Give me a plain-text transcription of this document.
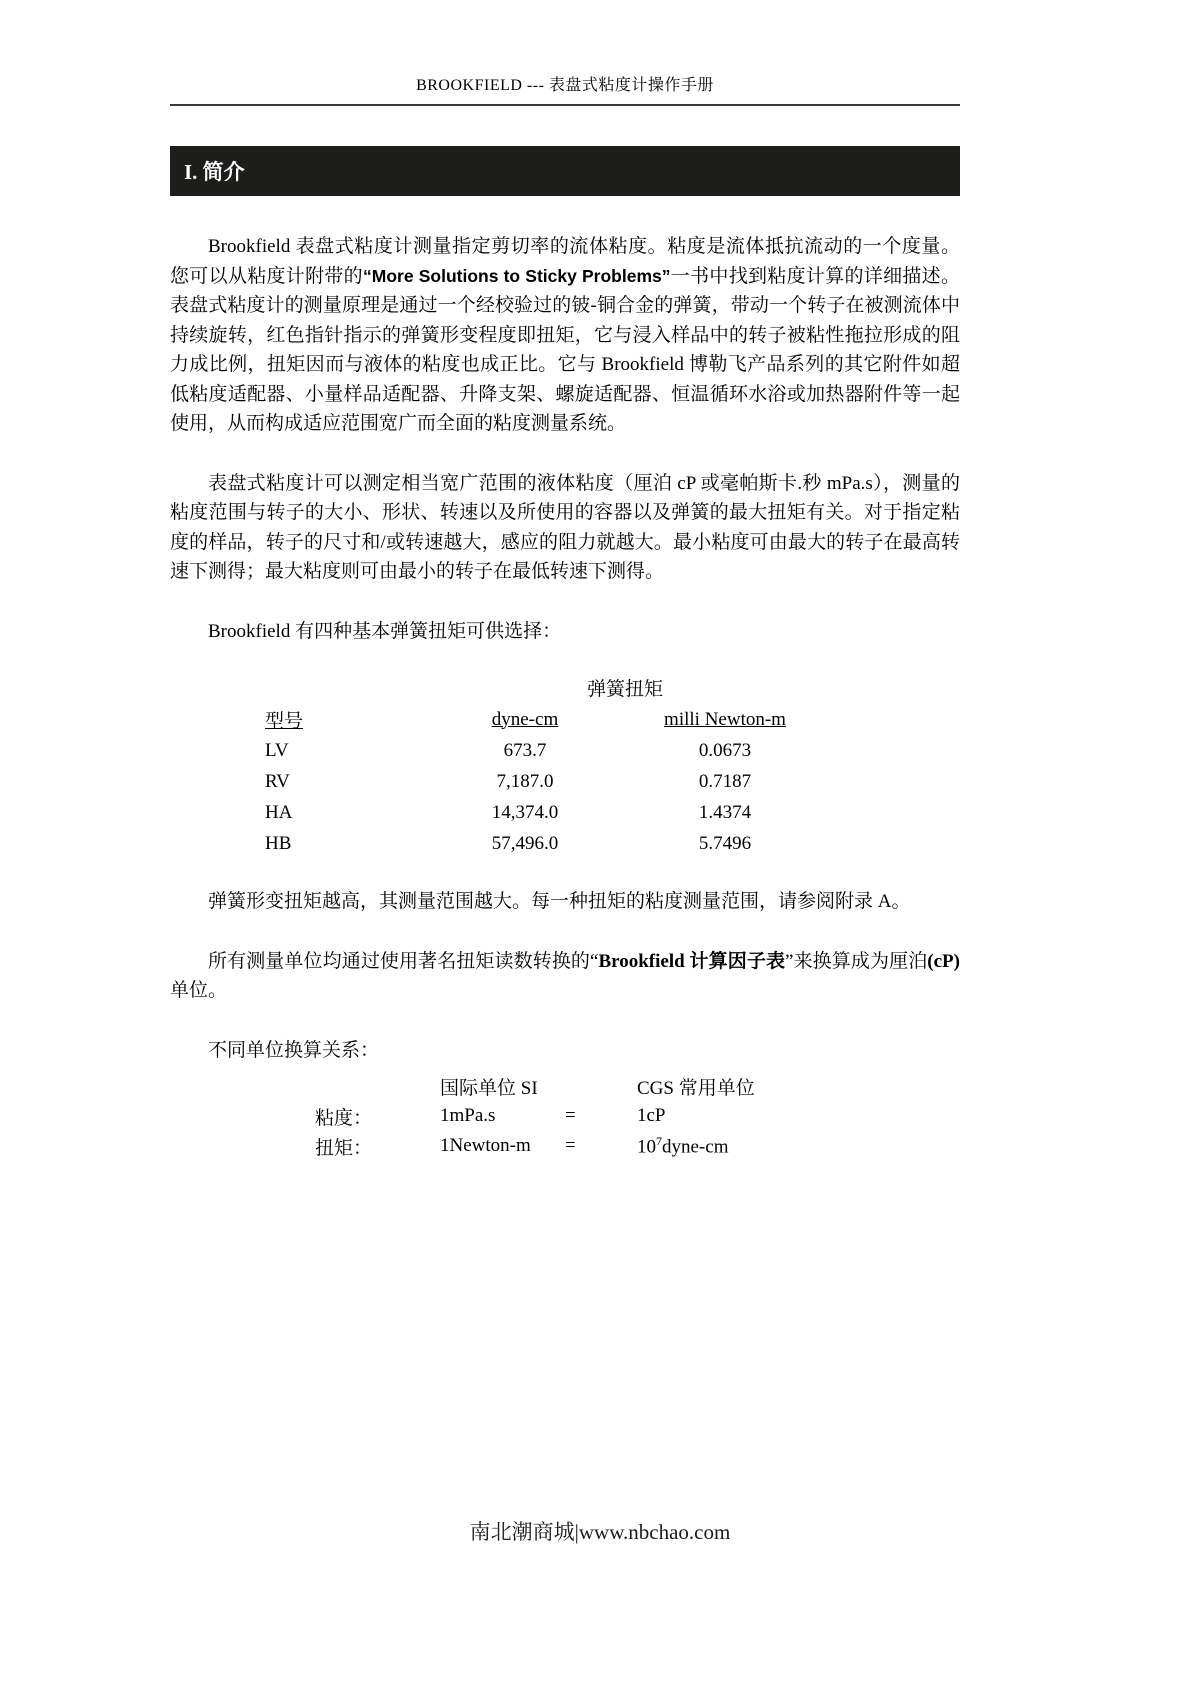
BROOKFIELD --- 表盘式粘度计操作手册
I. 简介

Brookfield 表盘式粘度计测量指定剪切率的流体粘度。粘度是流体抵抗流动的一个度量。您可以从粘度计附带的“More Solutions to Sticky Problems”一书中找到粘度计算的详细描述。表盘式粘度计的测量原理是通过一个经校验过的铍-铜合金的弹簧，带动一个转子在被测流体中持续旋转，红色指针指示的弹簧形变程度即扭矩，它与浸入样品中的转子被粘性拖拉形成的阻力成比例，扭矩因而与液体的粘度也成正比。它与 Brookfield 博勒飞产品系列的其它附件如超低粘度适配器、小量样品适配器、升降支架、螺旋适配器、恒温循环水浴或加热器附件等一起使用，从而构成适应范围宽广而全面的粘度测量系统。

表盘式粘度计可以测定相当宽广范围的液体粘度（厘泊 cP 或毫帕斯卡.秒 mPa.s），测量的粘度范围与转子的大小、形状、转速以及所使用的容器以及弹簧的最大扭矩有关。对于指定粘度的样品，转子的尺寸和/或转速越大，感应的阻力就越大。最小粘度可由最大的转子在最高转速下测得；最大粘度则可由最小的转子在最低转速下测得。

Brookfield 有四种基本弹簧扭矩可供选择：

	弹簧扭矩	
型号	dyne-cm	milli Newton-m
LV	673.7	0.0673
RV	7,187.0	0.7187
HA	14,374.0	1.4374
HB	57,496.0	5.7496

弹簧形变扭矩越高，其测量范围越大。每一种扭矩的粘度测量范围，请参阅附录 A。

所有测量单位均通过使用著名扭矩读数转换的“Brookfield 计算因子表”来换算成为厘泊(cP)单位。

不同单位换算关系：

	国际单位 SI		CGS 常用单位
粘度：	1mPa.s	=	1cP
扭矩：	1Newton-m	=	$10^7dyne-cm$
南北潮商城|www.nbchao.com
